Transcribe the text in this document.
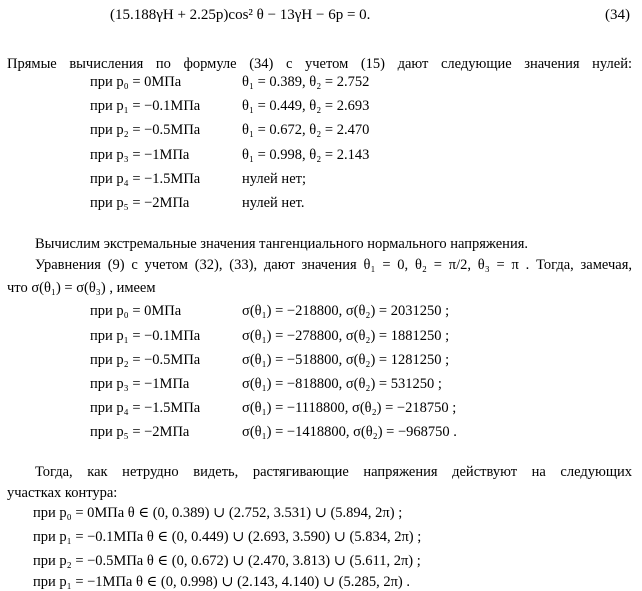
(15.188γH + 2.25p)cos² θ − 13γH − 6p = 0.	(34)
Прямые вычисления по формуле (34) с учетом (15) дают следующие значения нулей:
при p₀ = 0МПа	θ₁ = 0.389, θ₂ = 2.752
при p₁ = −0.1МПа	θ₁ = 0.449, θ₂ = 2.693
при p₂ = −0.5МПа	θ₁ = 0.672, θ₂ = 2.470
при p₃ = −1МПа	θ₁ = 0.998, θ₂ = 2.143
при p₄ = −1.5МПа	нулей нет;
при p₅ = −2МПа	нулей нет.
Вычислим экстремальные значения тангенциального нормального напряжения.
Уравнения (9) с учетом (32), (33), дают значения θ₁ = 0, θ₂ = π/2, θ₃ = π . Тогда, замечая,
что σ(θ₁) = σ(θ₃) , имеем
при p₀ = 0МПа	σ(θ₁) = −218800, σ(θ₂) = 2031250 ;
при p₁ = −0.1МПа	σ(θ₁) = −278800, σ(θ₂) = 1881250 ;
при p₂ = −0.5МПа	σ(θ₁) = −518800, σ(θ₂) = 1281250 ;
при p₃ = −1МПа	σ(θ₁) = −818800, σ(θ₂) = 531250 ;
при p₄ = −1.5МПа	σ(θ₁) = −1118800, σ(θ₂) = −218750 ;
при p₅ = −2МПа	σ(θ₁) = −1418800, σ(θ₂) = −968750 .
Тогда, как нетрудно видеть, растягивающие напряжения действуют на следующих
участках контура:
при p₀ = 0МПа θ ∈ (0, 0.389) ∪ (2.752, 3.531) ∪ (5.894, 2π) ;
при p₁ = −0.1МПа θ ∈ (0, 0.449) ∪ (2.693, 3.590) ∪ (5.834, 2π) ;
при p₂ = −0.5МПа θ ∈ (0, 0.672) ∪ (2.470, 3.813) ∪ (5.611, 2π) ;
при p₁ = −1МПа θ ∈ (0, 0.998) ∪ (2.143, 4.140) ∪ (5.285, 2π) .
